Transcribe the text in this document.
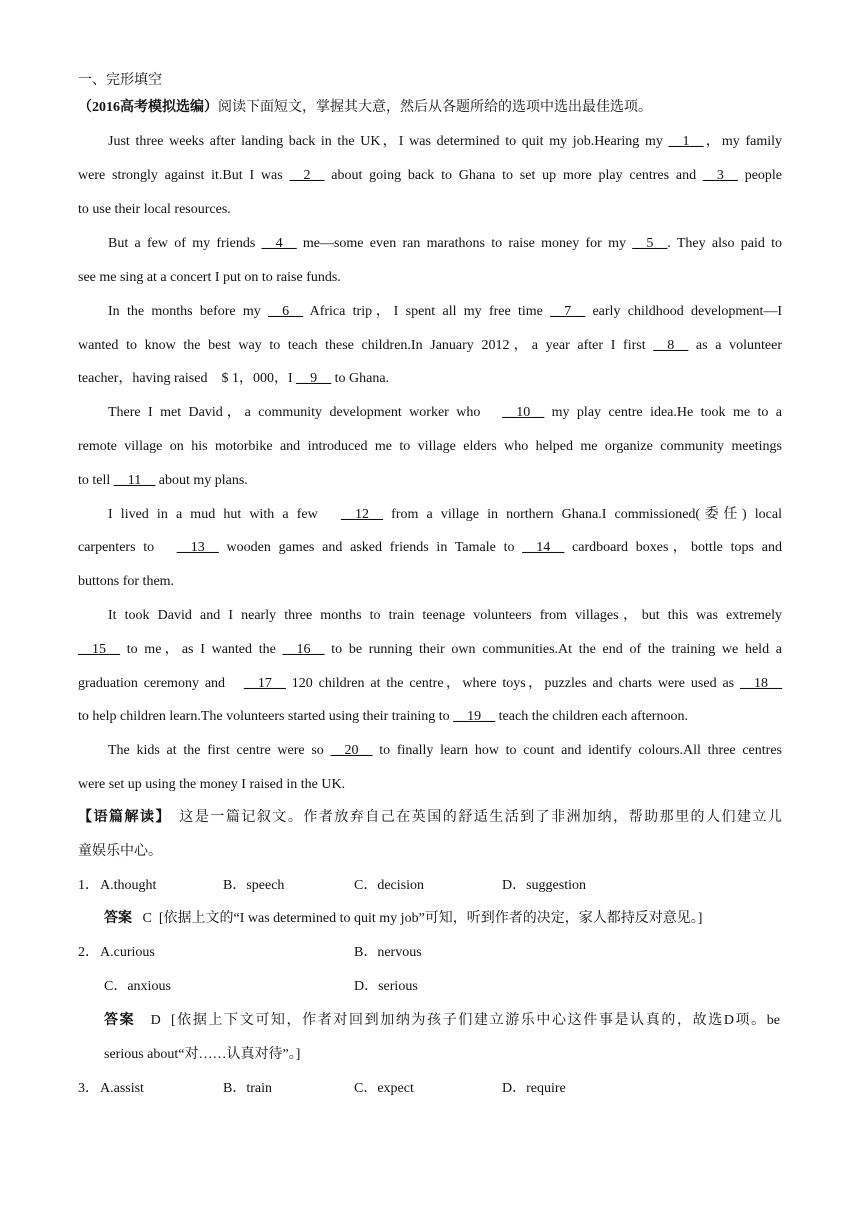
一、完形填空
（2016高考模拟选编）阅读下面短文，掌握其大意，然后从各题所给的选项中选出最佳选项。
Just three weeks after landing back in the UK，I was determined to quit my job.Hearing my __1__，my family
were strongly against it.But I was __2__ about going back to Ghana to set up more play centres and __3__ people
to use their local resources.
But a few of my friends __4__ me—some even ran marathons to raise money for my __5__. They also paid to
see me sing at a concert I put on to raise funds.
In the months before my __6__ Africa trip，I spent all my free time __7__ early childhood development—I
wanted to know the best way to teach these children.In January 2012，a year after I first __8__ as a volunteer
teacher，having raised　$ 1，000，I __9__ to Ghana.
There I met David，a community development worker who　__10__ my play centre idea.He took me to a
remote village on his motorbike and introduced me to village elders who helped me organize community meetings
to tell __11__ about my plans.
I lived in a mud hut with a few　__12__ from a village in northern Ghana.I commissioned(委任) local
carpenters to　__13__ wooden games and asked friends in Tamale to __14__ cardboard boxes，bottle tops and
buttons for them.
It took David and I nearly three months to train teenage volunteers from villages，but this was extremely
__15__ to me，as I wanted the __16__ to be running their own communities.At the end of the training we held a
graduation ceremony and　__17__ 120 children at the centre，where toys，puzzles and charts were used as __18__
to help children learn.The volunteers started using their training to __19__ teach the children each afternoon.
The kids at the first centre were so __20__ to finally learn how to count and identify colours.All three centres
were set up using the money I raised in the UK.
【语篇解读】　这是一篇记叙文。作者放弃自己在英国的舒适生活到了非洲加纳，帮助那里的人们建立儿
童娱乐中心。
1． A.thought	B．speech	C．decision	D．suggestion
答案 C [依据上文的“I was determined to quit my job”可知，听到作者的决定，家人都持反对意见。]
2． A.curious	B．nervous
C．anxious	D．serious
答案 D [依据上下文可知，作者对回到加纳为孩子们建立游乐中心这件事是认真的，故选D项。be
serious about“对……认真对待”。]
3． A.assist	B．train	C．expect	D．require
